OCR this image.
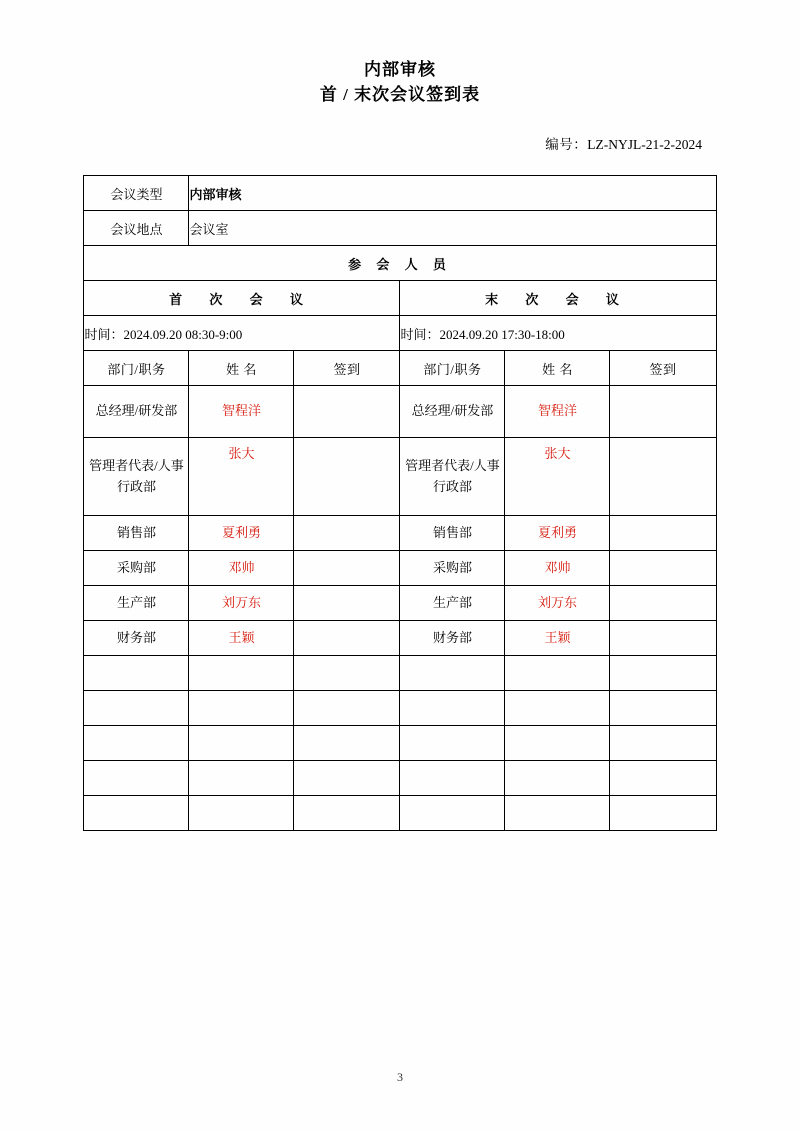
内部审核
首 / 末次会议签到表
编号：LZ-NYJL-21-2-2024
会议类型	内部审核				
会议地点	会议室				
参 会 人 员					
首 次 会 议			末 次 会 议		
时间：2024.09.20 08:30-9:00			时间：2024.09.20 17:30-18:00		
部门/职务	姓 名	签到	部门/职务	姓 名	签到
总经理/研发部	智程洋		总经理/研发部	智程洋	
管理者代表/人事行政部	张大		管理者代表/人事行政部	张大	
销售部	夏利勇		销售部	夏利勇	
采购部	邓帅		采购部	邓帅	
生产部	刘万东		生产部	刘万东	
财务部	王颖		财务部	王颖	

3
